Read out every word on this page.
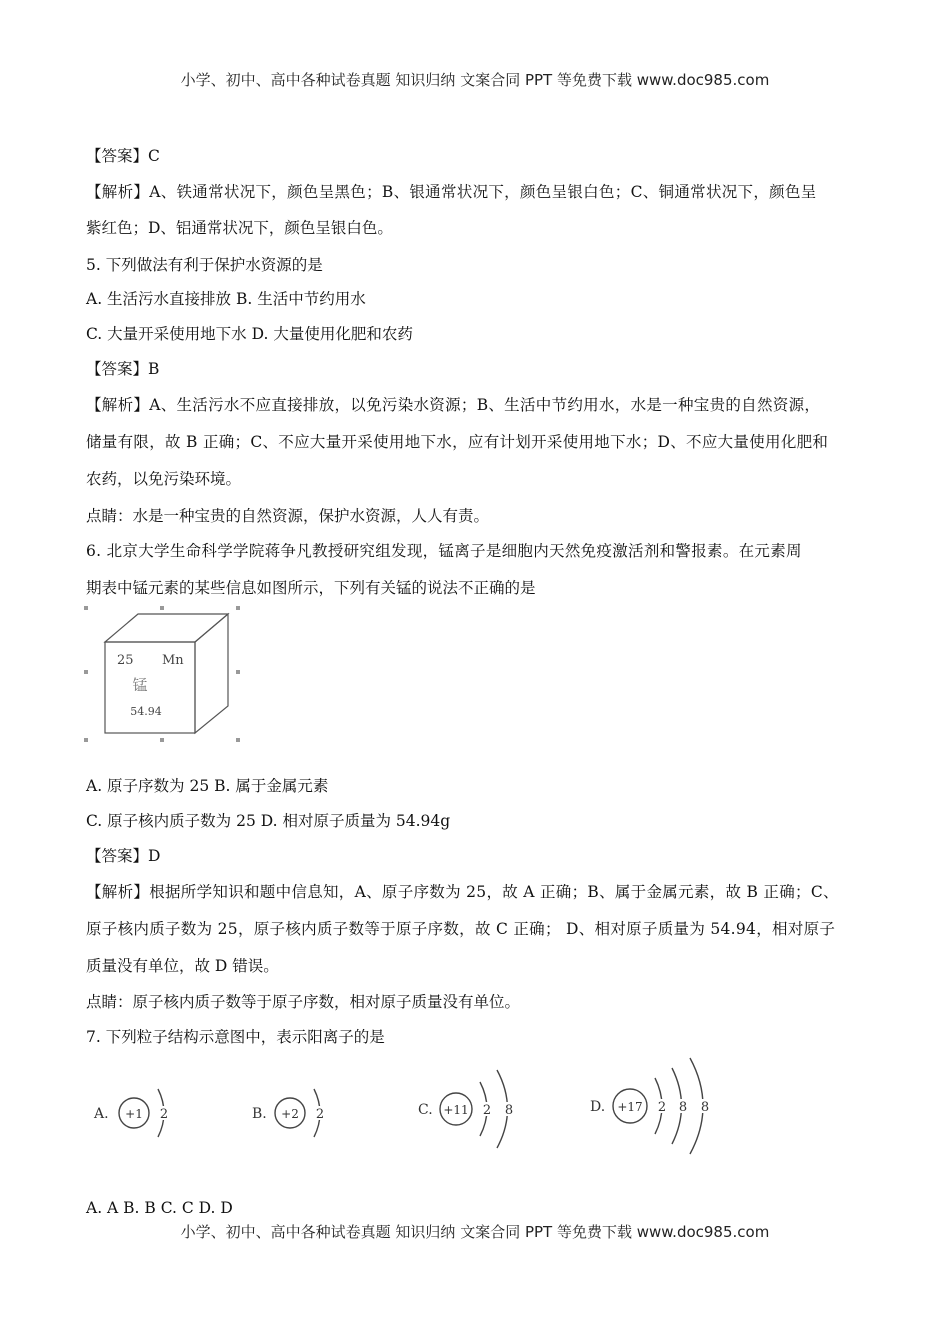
小学、初中、高中各种试卷真题 知识归纳 文案合同 PPT 等免费下载 www.doc985.com
【答案】C
【解析】A、铁通常状况下，颜色呈黑色；B、银通常状况下，颜色呈银白色；C、铜通常状况下，颜色呈
紫红色；D、铝通常状况下，颜色呈银白色。
5. 下列做法有利于保护水资源的是
A. 生活污水直接排放 B. 生活中节约用水
C. 大量开采使用地下水 D. 大量使用化肥和农药
【答案】B
【解析】A、生活污水不应直接排放，以免污染水资源；B、生活中节约用水，水是一种宝贵的自然资源，
储量有限，故 B 正确；C、不应大量开采使用地下水，应有计划开采使用地下水；D、不应大量使用化肥和
农药，以免污染环境。
点睛：水是一种宝贵的自然资源，保护水资源，人人有责。
6. 北京大学生命科学学院蒋争凡教授研究组发现，锰离子是细胞内天然免疫激活剂和警报素。在元素周
期表中锰元素的某些信息如图所示，下列有关锰的说法不正确的是
25 Mn
锰
54.94
A. 原子序数为 25 B. 属于金属元素
C. 原子核内质子数为 25 D. 相对原子质量为 54.94g
【答案】D
【解析】根据所学知识和题中信息知，A、原子序数为 25，故 A 正确；B、属于金属元素，故 B 正确；C、
原子核内质子数为 25，原子核内质子数等于原子序数，故 C 正确； D、相对原子质量为 54.94，相对原子
质量没有单位，故 D 错误。
点睛：原子核内质子数等于原子序数，相对原子质量没有单位。
7. 下列粒子结构示意图中，表示阳离子的是
A. +1 2	B. +2 2	C. +11 2 8	D. +17 2 8 8
A. A B. B C. C D. D
小学、初中、高中各种试卷真题 知识归纳 文案合同 PPT 等免费下载 www.doc985.com
